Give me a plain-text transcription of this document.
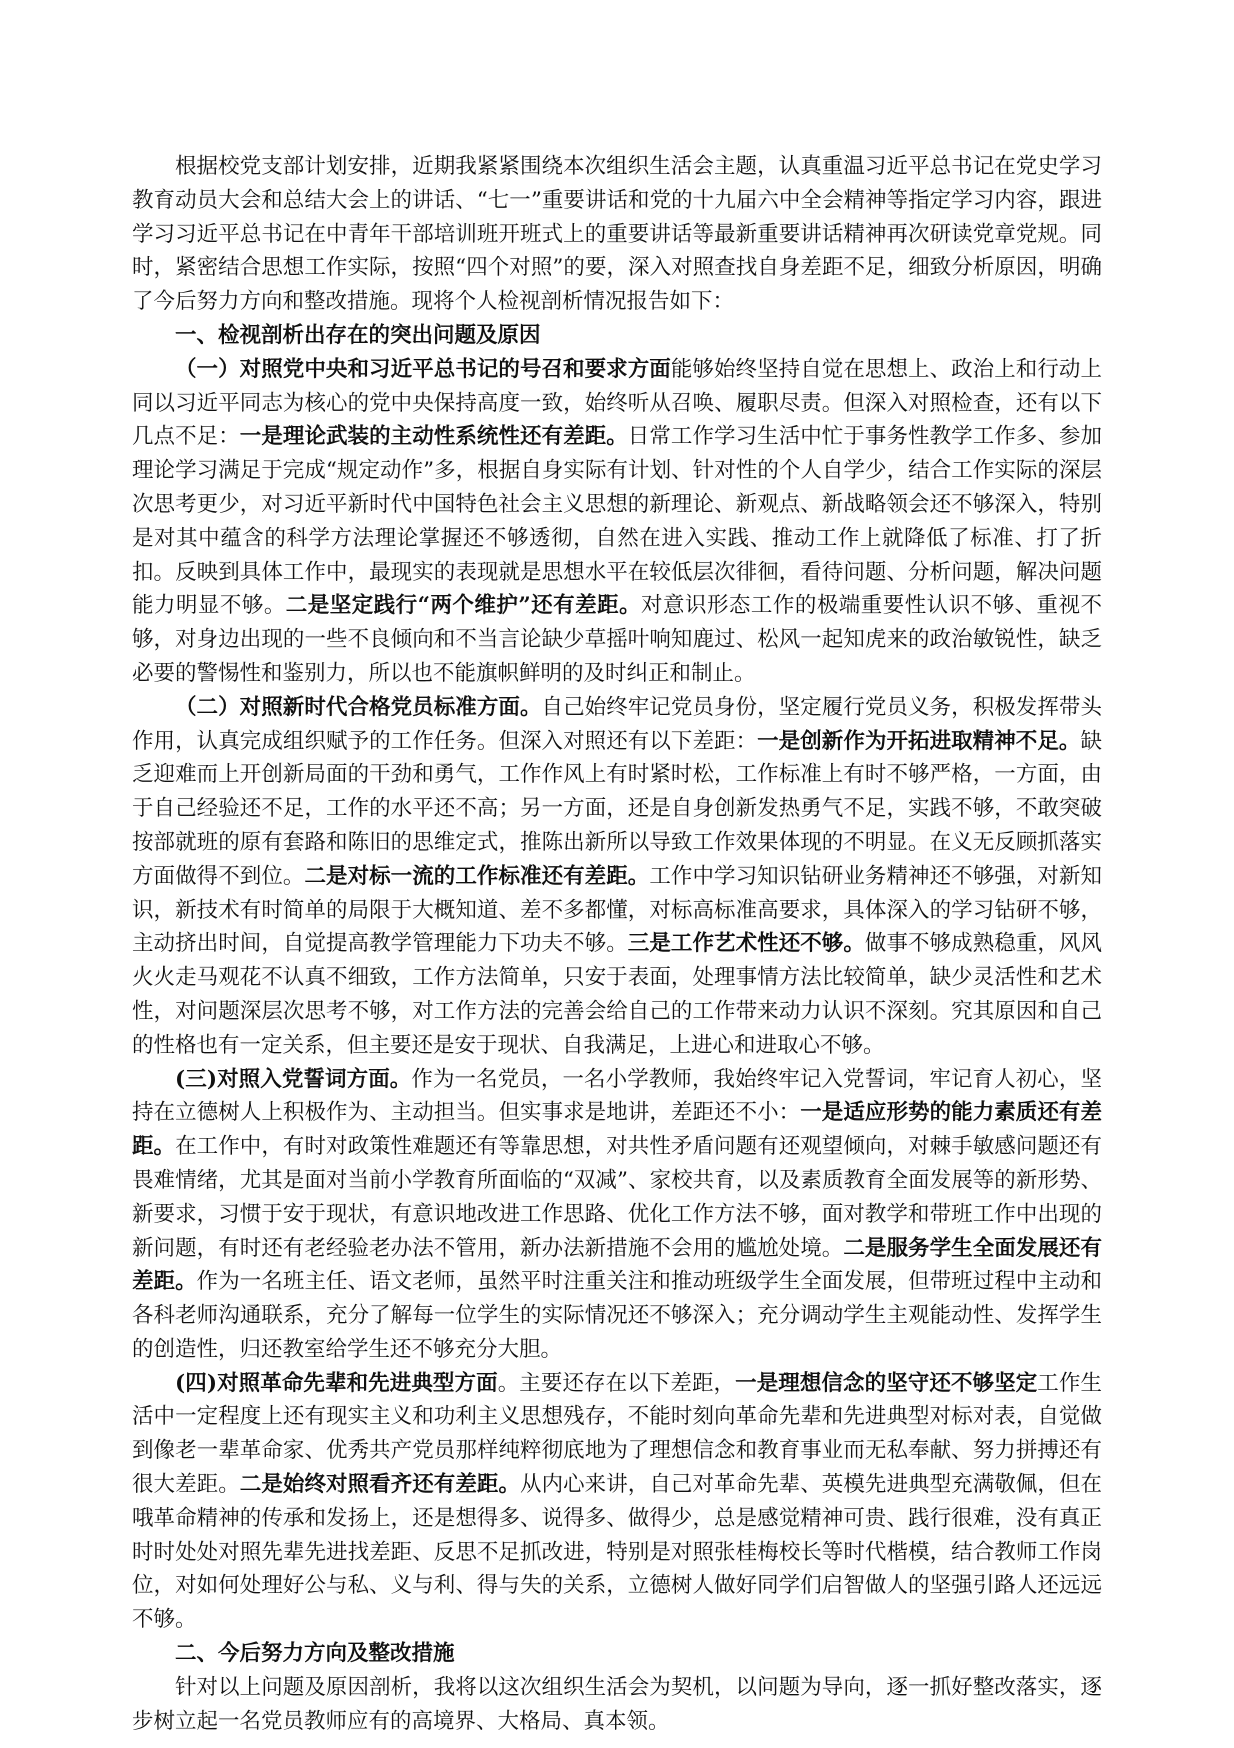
根据校党支部计划安排，近期我紧紧围绕本次组织生活会主题，认真重温习近平总书记在党史学习教育动员大会和总结大会上的讲话、“七一”重要讲话和党的十九届六中全会精神等指定学习内容，跟进学习习近平总书记在中青年干部培训班开班式上的重要讲话等最新重要讲话精神再次研读党章党规。同时，紧密结合思想工作实际，按照“四个对照”的要，深入对照查找自身差距不足，细致分析原因，明确了今后努力方向和整改措施。现将个人检视剖析情况报告如下：

一、检视剖析出存在的突出问题及原因

（一）对照党中央和习近平总书记的号召和要求方面能够始终坚持自觉在思想上、政治上和行动上同以习近平同志为核心的党中央保持高度一致，始终听从召唤、履职尽责。但深入对照检查，还有以下几点不足：一是理论武装的主动性系统性还有差距。日常工作学习生活中忙于事务性教学工作多、参加理论学习满足于完成“规定动作”多，根据自身实际有计划、针对性的个人自学少，结合工作实际的深层次思考更少，对习近平新时代中国特色社会主义思想的新理论、新观点、新战略领会还不够深入，特别是对其中蕴含的科学方法理论掌握还不够透彻，自然在进入实践、推动工作上就降低了标准、打了折扣。反映到具体工作中，最现实的表现就是思想水平在较低层次徘徊，看待问题、分析问题，解决问题能力明显不够。二是坚定践行“两个维护”还有差距。对意识形态工作的极端重要性认识不够、重视不够，对身边出现的一些不良倾向和不当言论缺少草摇叶响知鹿过、松风一起知虎来的政治敏锐性，缺乏必要的警惕性和鉴别力，所以也不能旗帜鲜明的及时纠正和制止。

（二）对照新时代合格党员标准方面。自己始终牢记党员身份，坚定履行党员义务，积极发挥带头作用，认真完成组织赋予的工作任务。但深入对照还有以下差距：一是创新作为开拓进取精神不足。缺乏迎难而上开创新局面的干劲和勇气，工作作风上有时紧时松，工作标准上有时不够严格，一方面，由于自己经验还不足，工作的水平还不高；另一方面，还是自身创新发热勇气不足，实践不够，不敢突破按部就班的原有套路和陈旧的思维定式，推陈出新所以导致工作效果体现的不明显。在义无反顾抓落实方面做得不到位。二是对标一流的工作标准还有差距。工作中学习知识钻研业务精神还不够强，对新知识，新技术有时简单的局限于大概知道、差不多都懂，对标高标准高要求，具体深入的学习钻研不够，主动挤出时间，自觉提高教学管理能力下功夫不够。三是工作艺术性还不够。做事不够成熟稳重，风风火火走马观花不认真不细致，工作方法简单，只安于表面，处理事情方法比较简单，缺少灵活性和艺术性，对问题深层次思考不够，对工作方法的完善会给自己的工作带来动力认识不深刻。究其原因和自己的性格也有一定关系，但主要还是安于现状、自我满足，上进心和进取心不够。

(三)对照入党誓词方面。作为一名党员，一名小学教师，我始终牢记入党誓词，牢记育人初心，坚持在立德树人上积极作为、主动担当。但实事求是地讲，差距还不小：一是适应形势的能力素质还有差距。在工作中，有时对政策性难题还有等靠思想，对共性矛盾问题有还观望倾向，对棘手敏感问题还有畏难情绪，尤其是面对当前小学教育所面临的“双减”、家校共育，以及素质教育全面发展等的新形势、新要求，习惯于安于现状，有意识地改进工作思路、优化工作方法不够，面对教学和带班工作中出现的新问题，有时还有老经验老办法不管用，新办法新措施不会用的尴尬处境。二是服务学生全面发展还有差距。作为一名班主任、语文老师，虽然平时注重关注和推动班级学生全面发展，但带班过程中主动和各科老师沟通联系，充分了解每一位学生的实际情况还不够深入；充分调动学生主观能动性、发挥学生的创造性，归还教室给学生还不够充分大胆。

(四)对照革命先辈和先进典型方面。主要还存在以下差距，一是理想信念的坚守还不够坚定工作生活中一定程度上还有现实主义和功利主义思想残存，不能时刻向革命先辈和先进典型对标对表，自觉做到像老一辈革命家、优秀共产党员那样纯粹彻底地为了理想信念和教育事业而无私奉献、努力拼搏还有很大差距。二是始终对照看齐还有差距。从内心来讲，自己对革命先辈、英模先进典型充满敬佩，但在哦革命精神的传承和发扬上，还是想得多、说得多、做得少，总是感觉精神可贵、践行很难，没有真正时时处处对照先辈先进找差距、反思不足抓改进，特别是对照张桂梅校长等时代楷模，结合教师工作岗位，对如何处理好公与私、义与利、得与失的关系，立德树人做好同学们启智做人的坚强引路人还远远不够。

二、今后努力方向及整改措施

针对以上问题及原因剖析，我将以这次组织生活会为契机，以问题为导向，逐一抓好整改落实，逐步树立起一名党员教师应有的高境界、大格局、真本领。
